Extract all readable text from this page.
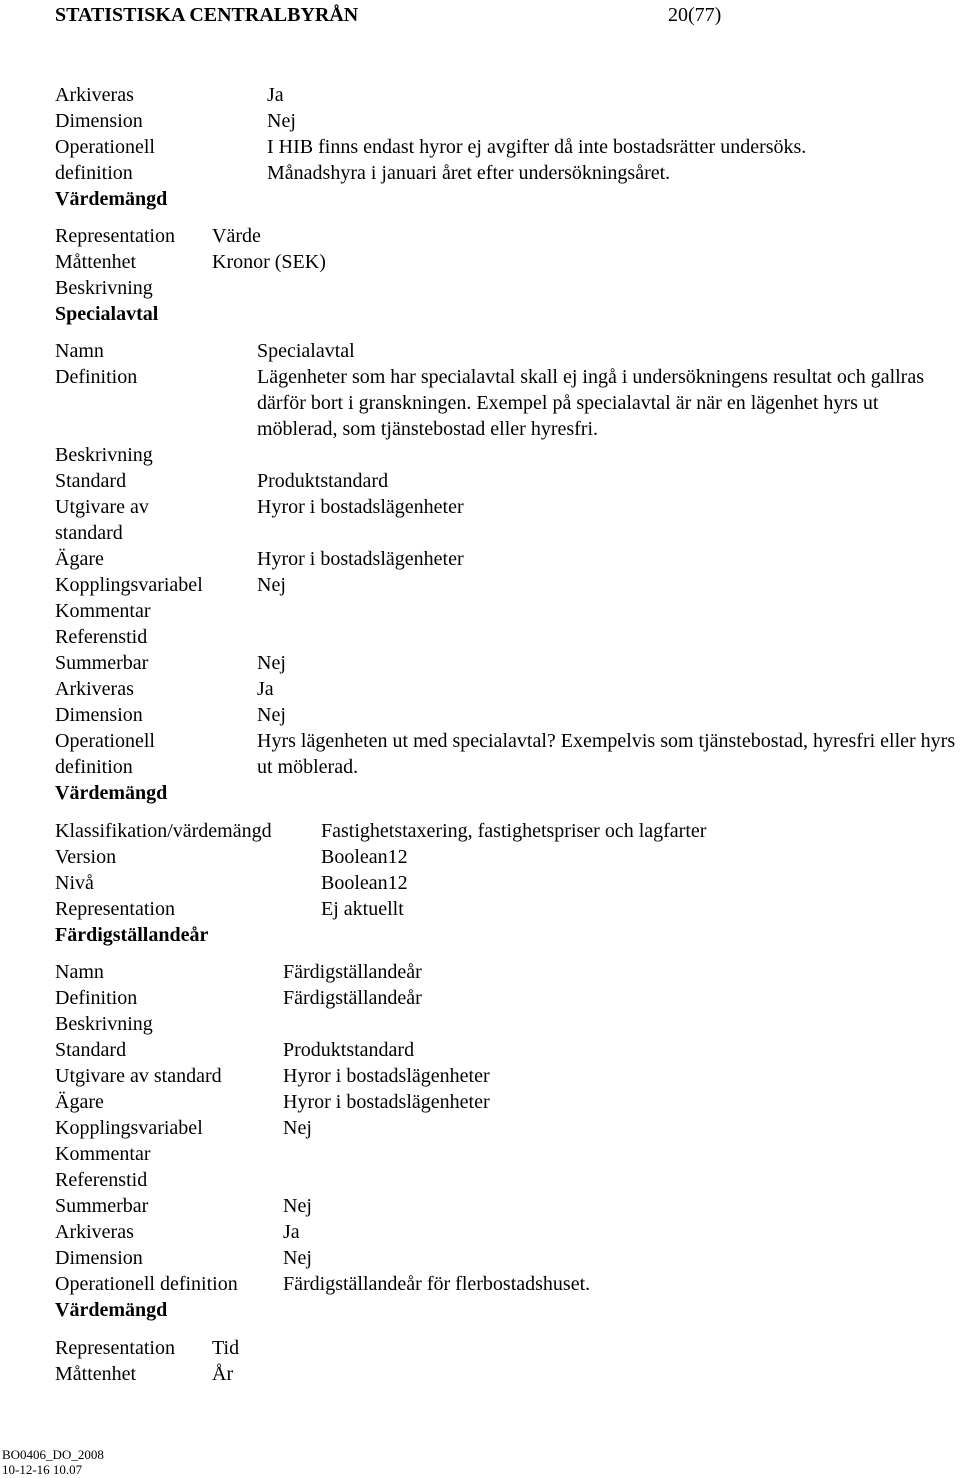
STATISTISKA CENTRALBYRÅN	20(77)
Arkiveras
Dimension
Operationell
definition
Värdemängd
Ja
Nej
I HIB finns endast hyror ej avgifter då inte bostadsrätter undersöks.
Månadshyra i januari året efter undersökningsåret.
Representation
Måttenhet
Beskrivning
Specialavtal
Värde
Kronor (SEK)
Namn
Definition
Beskrivning
Standard
Utgivare av
standard
Ägare
Kopplingsvariabel
Kommentar
Referenstid
Summerbar
Arkiveras
Dimension
Operationell
definition
Värdemängd
Specialavtal
Lägenheter som har specialavtal skall ej ingå i undersökningens resultat och gallras därför bort i granskningen. Exempel på specialavtal är när en lägenhet hyrs ut möblerad, som tjänstebostad eller hyresfri.
Produktstandard
Hyror i bostadslägenheter
Hyror i bostadslägenheter
Nej
Nej
Ja
Nej
Hyrs lägenheten ut med specialavtal? Exempelvis som tjänstebostad, hyresfri eller hyrs ut möblerad.
Klassifikation/värdemängd
Version
Nivå
Representation
Färdigställandeår
Fastighetstaxering, fastighetspriser och lagfarter
Boolean12
Boolean12
Ej aktuellt
Namn
Definition
Beskrivning
Standard
Utgivare av standard
Ägare
Kopplingsvariabel
Kommentar
Referenstid
Summerbar
Arkiveras
Dimension
Operationell definition
Värdemängd
Färdigställandeår
Färdigställandeår
Produktstandard
Hyror i bostadslägenheter
Hyror i bostadslägenheter
Nej
Nej
Ja
Nej
Färdigställandeår för flerbostadshuset.
Representation
Måttenhet
Tid
År
BO0406_DO_2008
10-12-16 10.07
